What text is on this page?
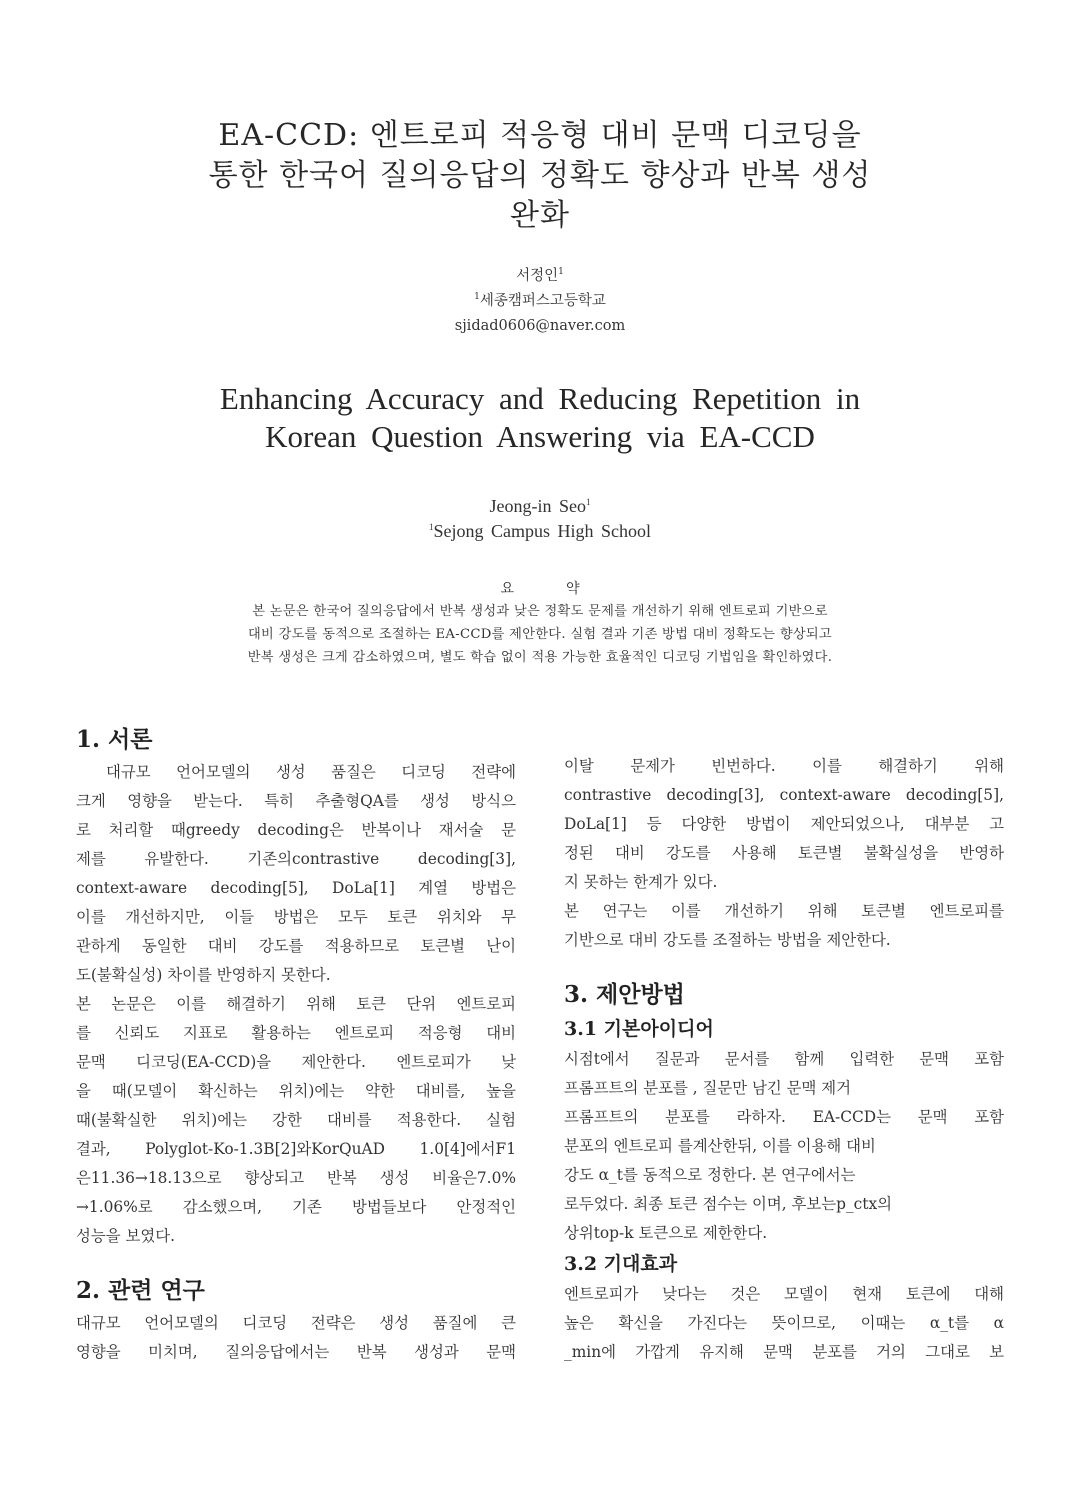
EA-CCD: 엔트로피 적응형 대비 문맥 디코딩을
통한 한국어 질의응답의 정확도 향상과 반복 생성
완화
서정인$^1$
$^1$세종캠퍼스고등학교
sjidad0606@naver.com
Enhancing Accuracy and Reducing Repetition in
Korean Question Answering via EA-CCD
Jeong-in Seo$^1$
$^1$Sejong Campus High School
요약
본 논문은 한국어 질의응답에서 반복 생성과 낮은 정확도 문제를 개선하기 위해 엔트로피 기반으로
대비 강도를 동적으로 조절하는 EA-CCD를 제안한다. 실험 결과 기존 방법 대비 정확도는 향상되고
반복 생성은 크게 감소하였으며, 별도 학습 없이 적용 가능한 효율적인 디코딩 기법임을 확인하였다.
1. 서론
대규모 언어모델의 생성 품질은 디코딩 전략에
크게 영향을 받는다. 특히 추출형QA를 생성 방식으
로 처리할 때greedy decoding은 반복이나 재서술 문
제를 유발한다. 기존의contrastive decoding[3],
context-aware decoding[5], DoLa[1] 계열 방법은
이를 개선하지만, 이들 방법은 모두 토큰 위치와 무
관하게 동일한 대비 강도를 적용하므로 토큰별 난이
도(불확실성) 차이를 반영하지 못한다.
본 논문은 이를 해결하기 위해 토큰 단위 엔트로피
를 신뢰도 지표로 활용하는 엔트로피 적응형 대비
문맥 디코딩(EA-CCD)을 제안한다. 엔트로피가 낮
을 때(모델이 확신하는 위치)에는 약한 대비를, 높을
때(불확실한 위치)에는 강한 대비를 적용한다. 실험
결과, Polyglot-Ko-1.3B[2]와KorQuAD 1.0[4]에서F1
은11.36→18.13으로 향상되고 반복 생성 비율은7.0%
→1.06%로 감소했으며, 기존 방법들보다 안정적인
성능을 보였다.
2. 관련 연구
대규모 언어모델의 디코딩 전략은 생성 품질에 큰
영향을 미치며, 질의응답에서는 반복 생성과 문맥
이탈 문제가 빈번하다. 이를 해결하기 위해
contrastive decoding[3], context-aware decoding[5],
DoLa[1] 등 다양한 방법이 제안되었으나, 대부분 고
정된 대비 강도를 사용해 토큰별 불확실성을 반영하
지 못하는 한계가 있다.
본 연구는 이를 개선하기 위해 토큰별 엔트로피를
기반으로 대비 강도를 조절하는 방법을 제안한다.
3. 제안방법
3.1 기본아이디어
시점t에서 질문과 문서를 함께 입력한 문맥 포함
프롬프트의 분포를 , 질문만 남긴 문맥 제거
프롬프트의 분포를 라하자. EA-CCD는 문맥 포함
분포의 엔트로피 를계산한뒤, 이를 이용해 대비
강도 α_t를 동적으로 정한다. 본 연구에서는
로두었다. 최종 토큰 점수는 이며, 후보는p_ctx의
상위top-k 토큰으로 제한한다.
3.2 기대효과
엔트로피가 낮다는 것은 모델이 현재 토큰에 대해
높은 확신을 가진다는 뜻이므로, 이때는 α_t를 α
_min에 가깝게 유지해 문맥 분포를 거의 그대로 보
